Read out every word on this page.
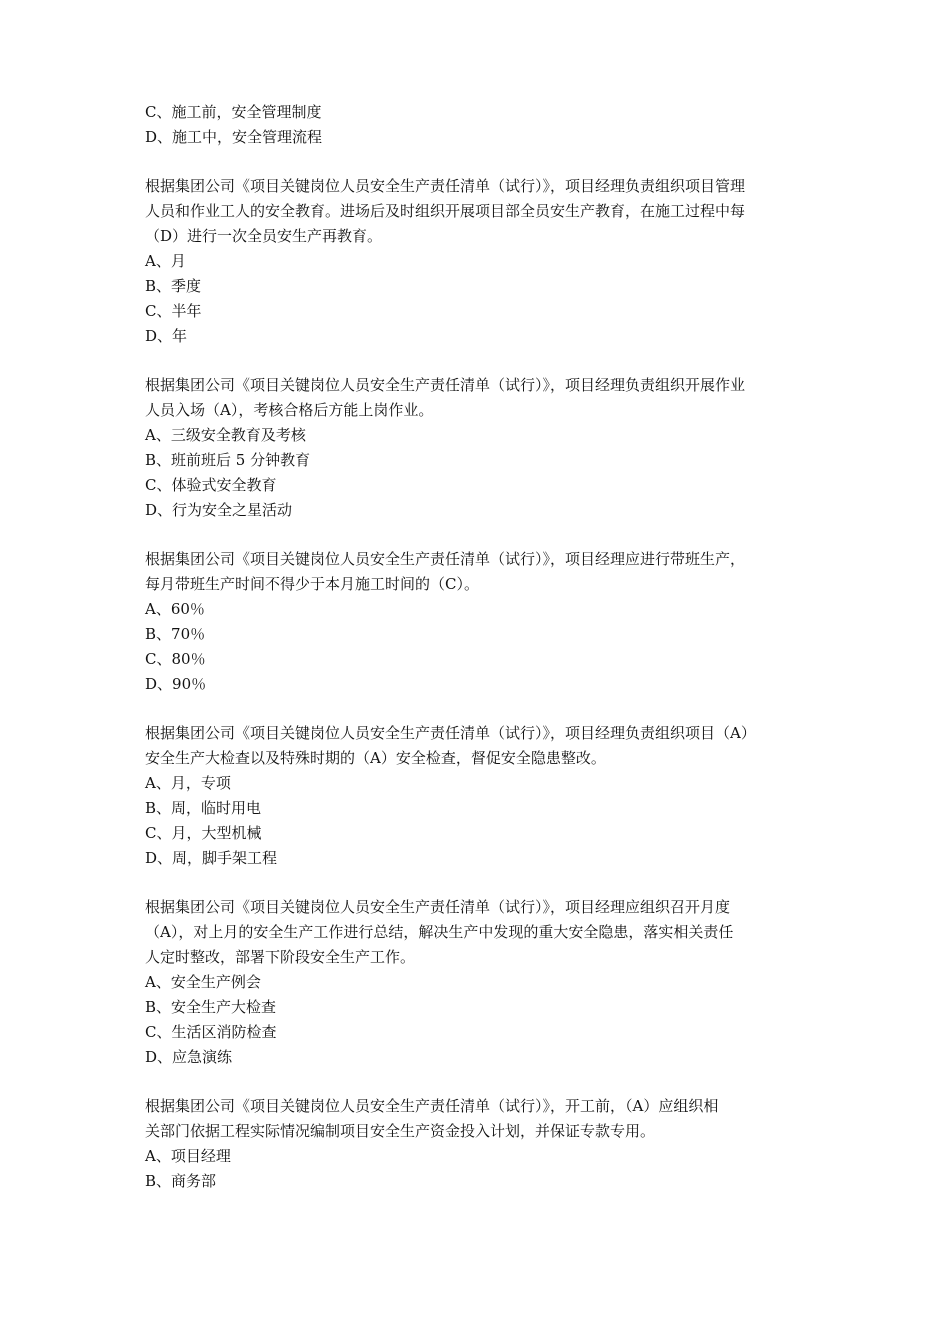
C、施工前，安全管理制度
D、施工中，安全管理流程
根据集团公司《项目关键岗位人员安全生产责任清单（试行）》，项目经理负责组织项目管理
人员和作业工人的安全教育。进场后及时组织开展项目部全员安生产教育，在施工过程中每
（D）进行一次全员安生产再教育。
A、月
B、季度
C、半年
D、年
根据集团公司《项目关键岗位人员安全生产责任清单（试行）》，项目经理负责组织开展作业
人员入场（A），考核合格后方能上岗作业。
A、三级安全教育及考核
B、班前班后 5 分钟教育
C、体验式安全教育
D、行为安全之星活动
根据集团公司《项目关键岗位人员安全生产责任清单（试行）》，项目经理应进行带班生产，
每月带班生产时间不得少于本月施工时间的（C）。
A、60％
B、70％
C、80％
D、90％
根据集团公司《项目关键岗位人员安全生产责任清单（试行）》，项目经理负责组织项目（A）
安全生产大检查以及特殊时期的（A）安全检查，督促安全隐患整改。
A、月，专项
B、周，临时用电
C、月，大型机械
D、周，脚手架工程
根据集团公司《项目关键岗位人员安全生产责任清单（试行）》，项目经理应组织召开月度
（A），对上月的安全生产工作进行总结，解决生产中发现的重大安全隐患，落实相关责任
人定时整改，部署下阶段安全生产工作。
A、安全生产例会
B、安全生产大检查
C、生活区消防检查
D、应急演练
根据集团公司《项目关键岗位人员安全生产责任清单（试行）》，开工前，（A）应组织相
关部门依据工程实际情况编制项目安全生产资金投入计划，并保证专款专用。
A、项目经理
B、商务部
